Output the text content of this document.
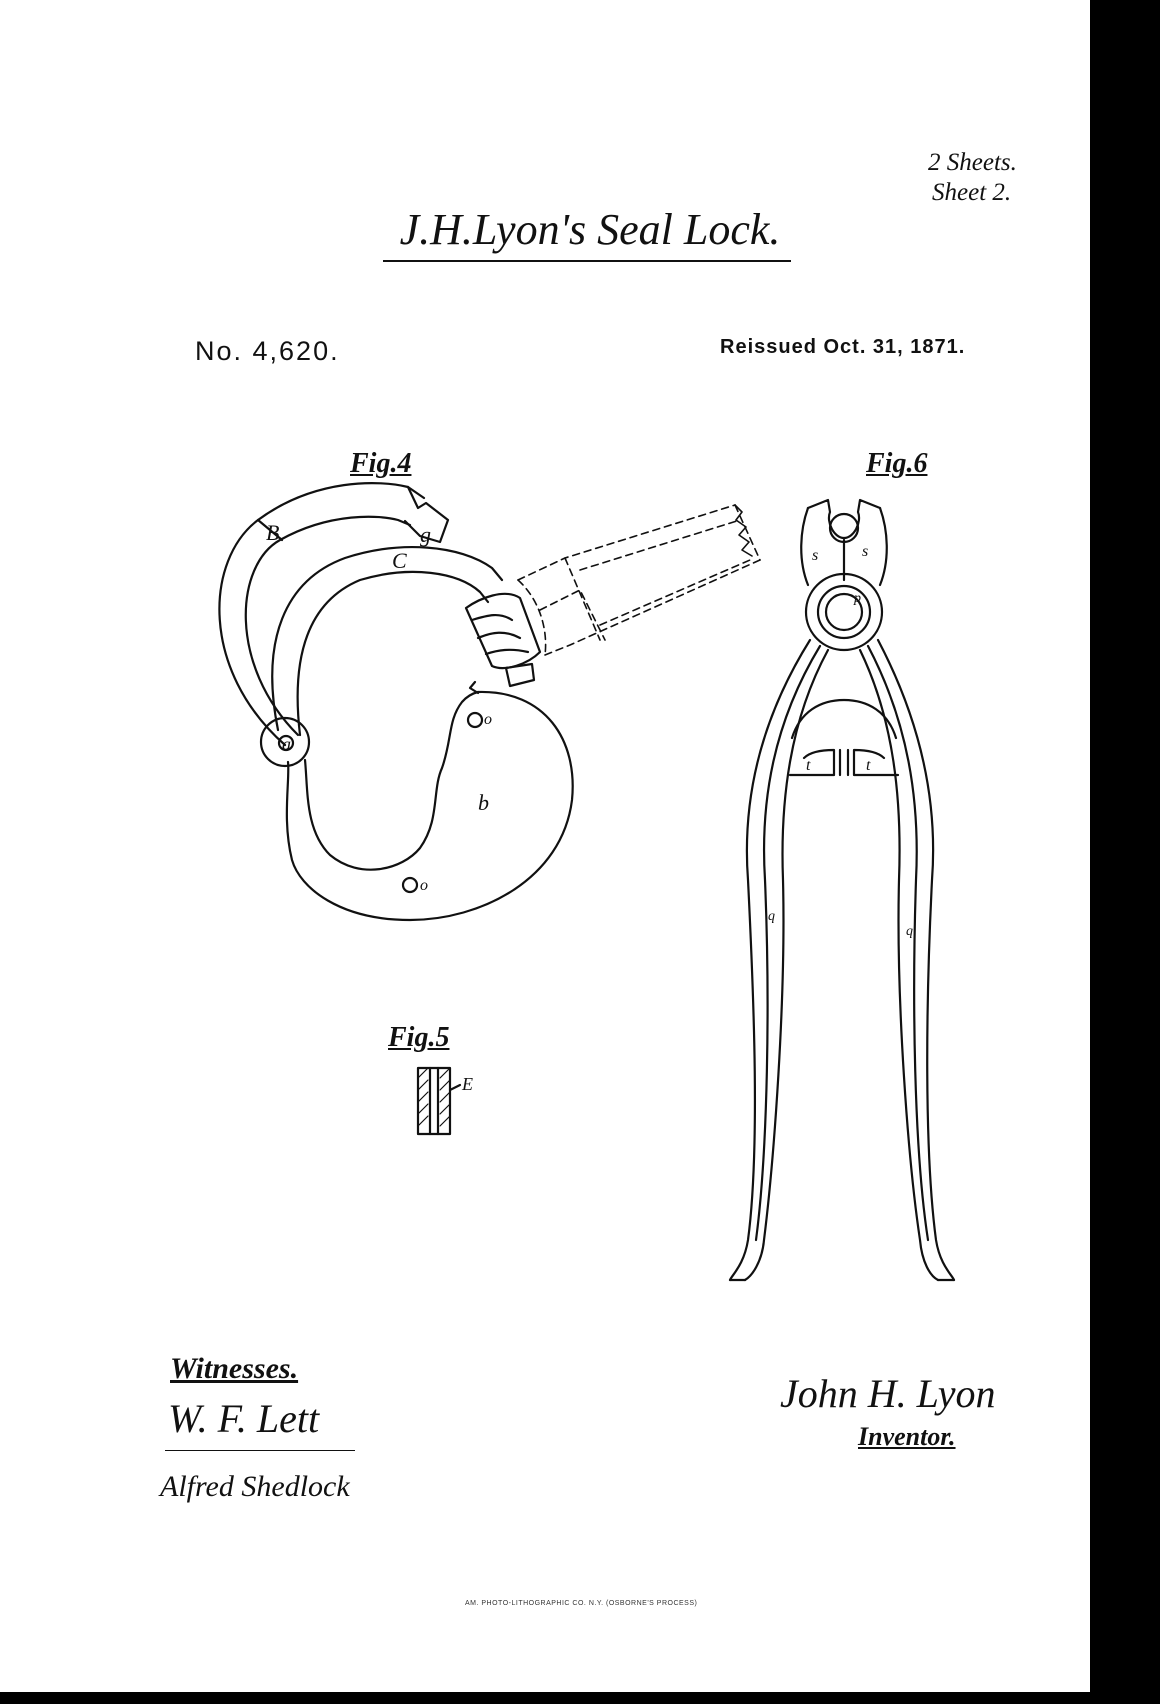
2 Sheets.
Sheet 2.
J.H.Lyon's Seal Lock.
No. 4,620.	Reissued Oct. 31, 1871.
Fig.4	Fig.6
Fig.5
B	g
C
a
o
b
o
E
s	s
p
t	t
q
q
Witnesses.
W. F. Lett
Alfred Shedlock
John H. Lyon
Inventor.
AM. PHOTO-LITHOGRAPHIC CO. N.Y. (OSBORNE'S PROCESS)
